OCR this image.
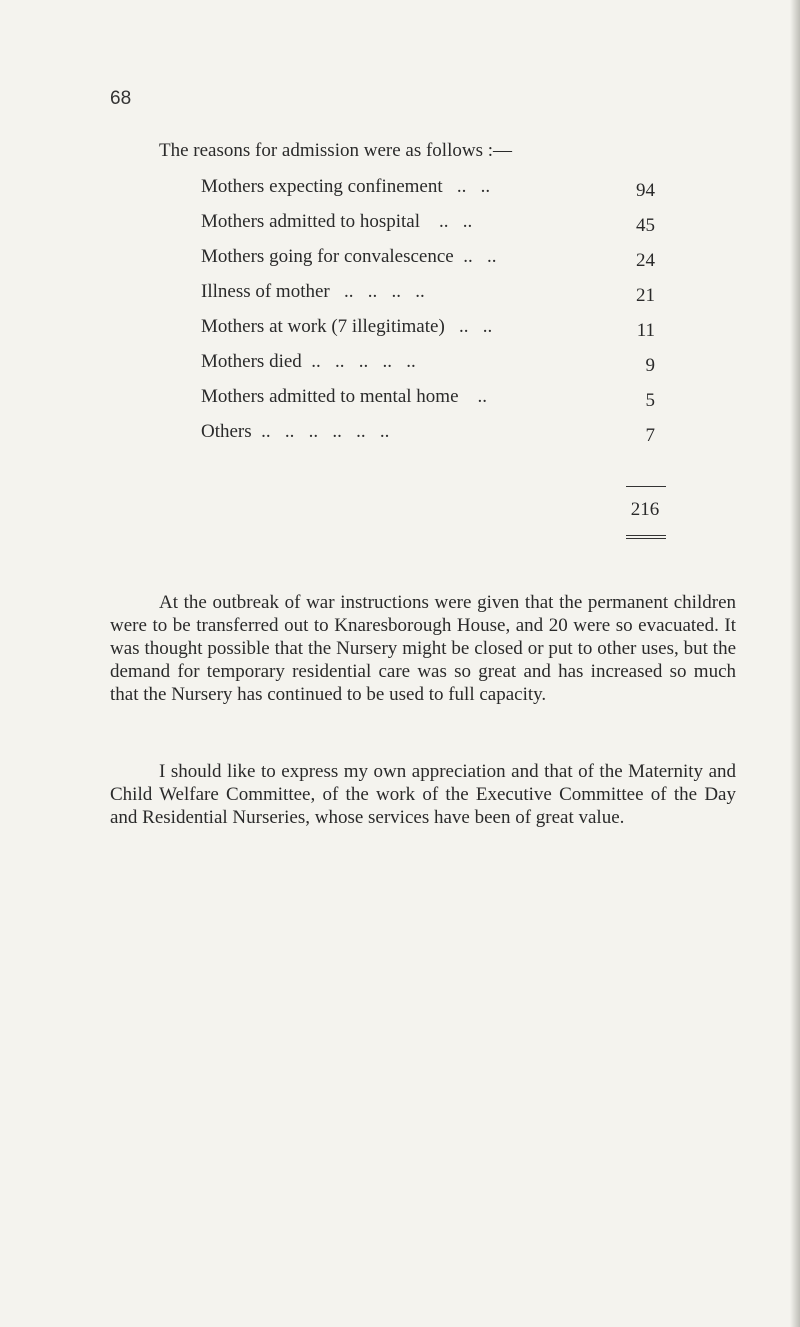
68
The reasons for admission were as follows :—
Mothers expecting confinement   ..   ..	94
Mothers admitted to hospital    ..   ..	45
Mothers going for convalescence  ..   ..	24
Illness of mother   ..   ..   ..   ..	21
Mothers at work (7 illegitimate)   ..   ..	11
Mothers died  ..   ..   ..   ..   ..	9
Mothers admitted to mental home    ..	5
Others  ..   ..   ..   ..   ..   ..	7
216

At the outbreak of war instructions were given that the permanent children were to be transferred out to Knaresborough House, and 20 were so evacuated. It was thought possible that the Nursery might be closed or put to other uses, but the demand for temporary residential care was so great and has increased so much that the Nursery has continued to be used to full capacity.

I should like to express my own appreciation and that of the Maternity and Child Welfare Committee, of the work of the Executive Committee of the Day and Residential Nurseries, whose services have been of great value.
